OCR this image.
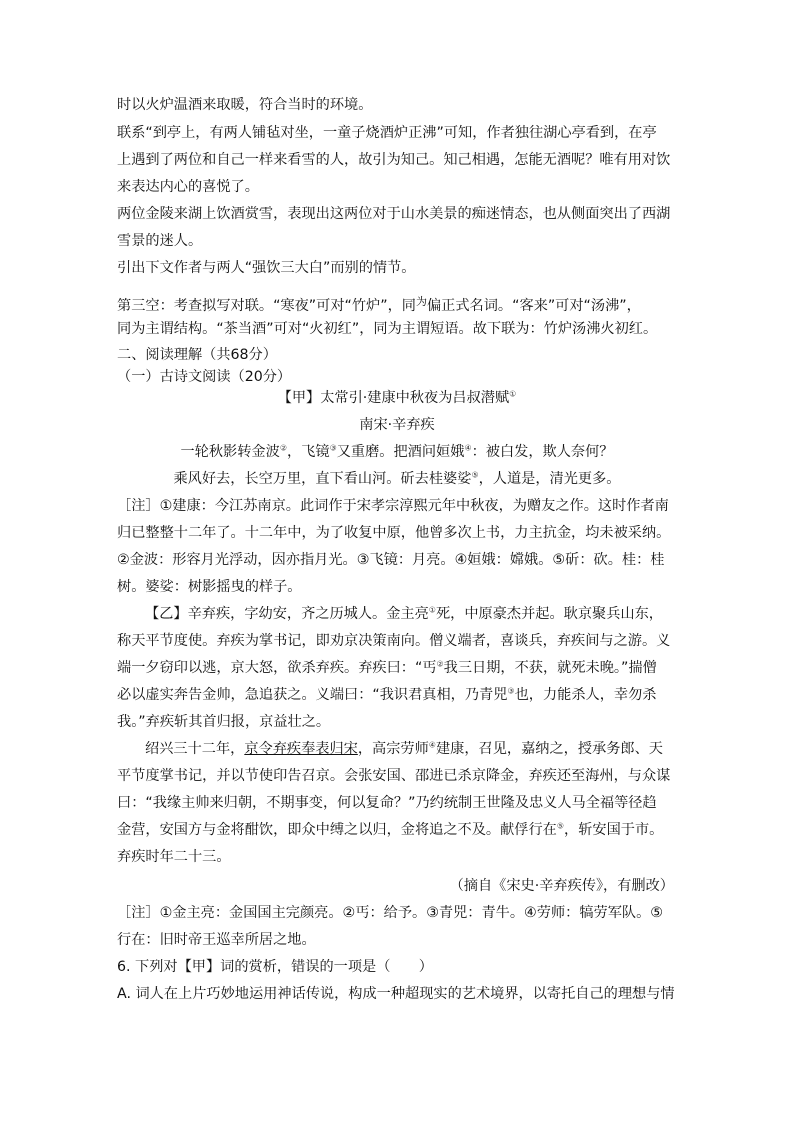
时以火炉温酒来取暖，符合当时的环境。
联系“到亭上，有两人铺毡对坐，一童子烧酒炉正沸”可知，作者独往湖心亭看到，在亭
上遇到了两位和自己一样来看雪的人，故引为知己。知己相遇，怎能无酒呢？唯有用对饮
来表达内心的喜悦了。
两位金陵来湖上饮酒赏雪，表现出这两位对于山水美景的痴迷情态，也从侧面突出了西湖
雪景的迷人。
引出下文作者与两人“强饮三大白”而别的情节。
第三空：考查拟写对联。“寒夜”可对“竹炉”，同$^为$偏正式名词。“客来”可对“汤沸”，
同为主谓结构。“茶当酒”可对“火初红”，同为主谓短语。故下联为：竹炉汤沸火初红。
二、阅读理解（共68分）
（一）古诗文阅读（20分）
【甲】太常引·建康中秋夜为吕叔潜赋①
南宋·辛弃疾
一轮秋影转金波②，飞镜③又重磨。把酒问姮娥④：被白发，欺人奈何？
乘风好去，长空万里，直下看山河。斫去桂婆娑⑤，人道是，清光更多。
［注］①建康：今江苏南京。此词作于宋孝宗淳熙元年中秋夜，为赠友之作。这时作者南
归已整整十二年了。十二年中，为了收复中原，他曾多次上书，力主抗金，均未被采纳。
②金波：形容月光浮动，因亦指月光。③飞镜：月亮。④姮娥：嫦娥。⑤斫：砍。桂：桂
树。婆娑：树影摇曳的样子。
【乙】辛弃疾，字幼安，齐之历城人。金主亮①死，中原豪杰并起。耿京聚兵山东，
称天平节度使。弃疾为掌书记，即劝京决策南向。僧义端者，喜谈兵，弃疾间与之游。义
端一夕窃印以逃，京大怒，欲杀弃疾。弃疾曰：“丐②我三日期，不获，就死未晚。”揣僧
必以虚实奔告金帅，急追获之。义端曰：“我识君真相，乃青兕③也，力能杀人，幸勿杀
我。”弃疾斩其首归报，京益壮之。
绍兴三十二年，京令弃疾奉表归宋，高宗劳师④建康，召见，嘉纳之，授承务郎、天
平节度掌书记，并以节使印告召京。会张安国、邵进已杀京降金，弃疾还至海州，与众谋
曰：“我缘主帅来归朝，不期事变，何以复命？”乃约统制王世隆及忠义人马全福等径趋
金营，安国方与金将酣饮，即众中缚之以归，金将追之不及。献俘行在⑤，斩安国于市。
弃疾时年二十三。
（摘自《宋史·辛弃疾传》，有删改）
［注］①金主亮：金国国主完颜亮。②丐：给予。③青兕：青牛。④劳师：犒劳军队。⑤
行在：旧时帝王巡幸所居之地。
6. 下列对【甲】词的赏析，错误的一项是（　　）
A. 词人在上片巧妙地运用神话传说，构成一种超现实的艺术境界，以寄托自己的理想与情
